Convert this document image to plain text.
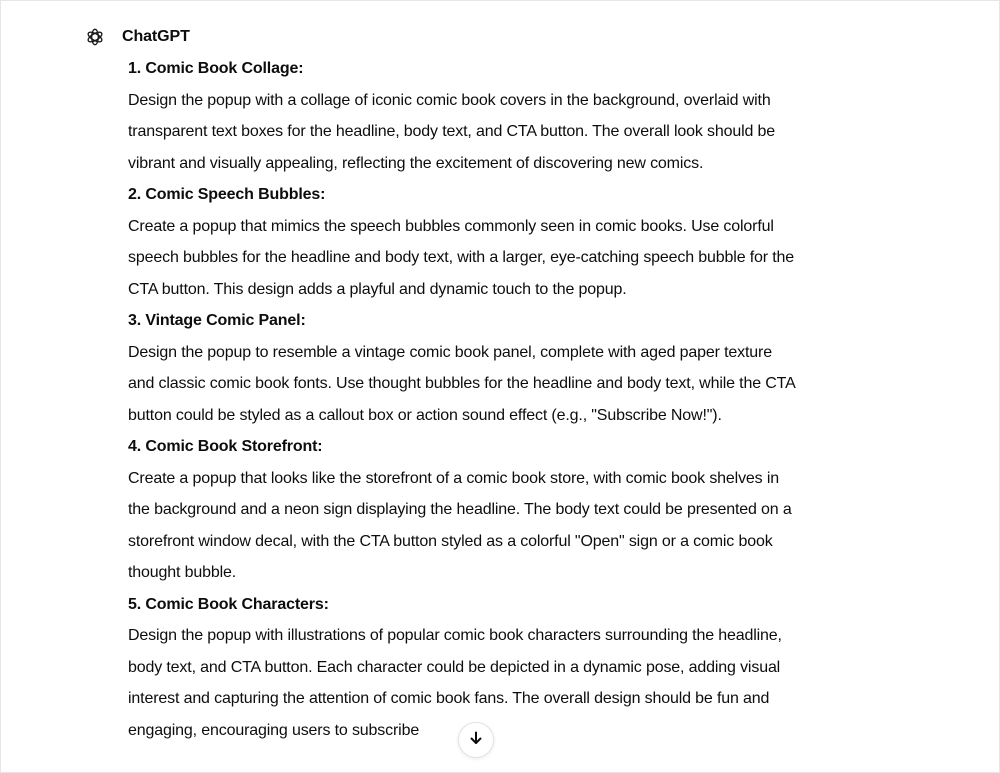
ChatGPT
1. Comic Book Collage:
Design the popup with a collage of iconic comic book covers in the background, overlaid with
transparent text boxes for the headline, body text, and CTA button. The overall look should be
vibrant and visually appealing, reflecting the excitement of discovering new comics.
2. Comic Speech Bubbles:
Create a popup that mimics the speech bubbles commonly seen in comic books. Use colorful
speech bubbles for the headline and body text, with a larger, eye-catching speech bubble for the
CTA button. This design adds a playful and dynamic touch to the popup.
3. Vintage Comic Panel:
Design the popup to resemble a vintage comic book panel, complete with aged paper texture
and classic comic book fonts. Use thought bubbles for the headline and body text, while the CTA
button could be styled as a callout box or action sound effect (e.g., "Subscribe Now!").
4. Comic Book Storefront:
Create a popup that looks like the storefront of a comic book store, with comic book shelves in
the background and a neon sign displaying the headline. The body text could be presented on a
storefront window decal, with the CTA button styled as a colorful "Open" sign or a comic book
thought bubble.
5. Comic Book Characters:
Design the popup with illustrations of popular comic book characters surrounding the headline,
body text, and CTA button. Each character could be depicted in a dynamic pose, adding visual
interest and capturing the attention of comic book fans. The overall design should be fun and
engaging, encouraging users to subscribe
